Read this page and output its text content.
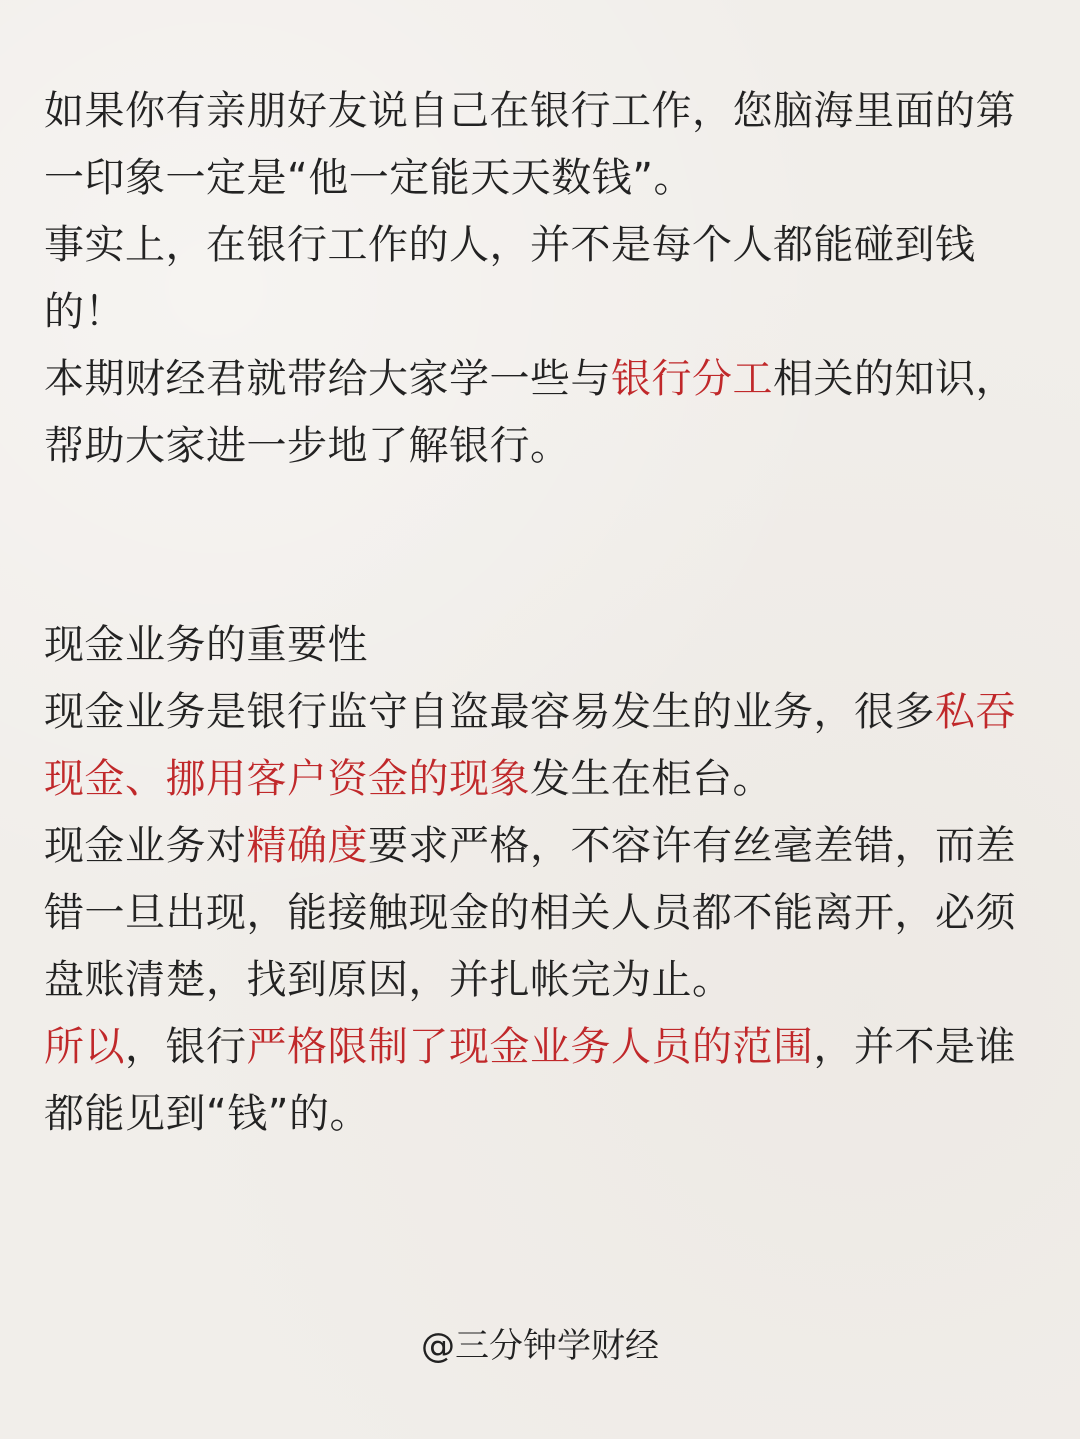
如果你有亲朋好友说自己在银行工作，您脑海里面的第一印象一定是“他一定能天天数钱”。

事实上，在银行工作的人，并不是每个人都能碰到钱的！

本期财经君就带给大家学一些与银行分工相关的知识，帮助大家进一步地了解银行。

现金业务的重要性

现金业务是银行监守自盗最容易发生的业务，很多私吞现金、挪用客户资金的现象发生在柜台。

现金业务对精确度要求严格，不容许有丝毫差错，而差错一旦出现，能接触现金的相关人员都不能离开，必须盘账清楚，找到原因，并扎帐完为止。

所以，银行严格限制了现金业务人员的范围，并不是谁都能见到“钱”的。

@三分钟学财经
